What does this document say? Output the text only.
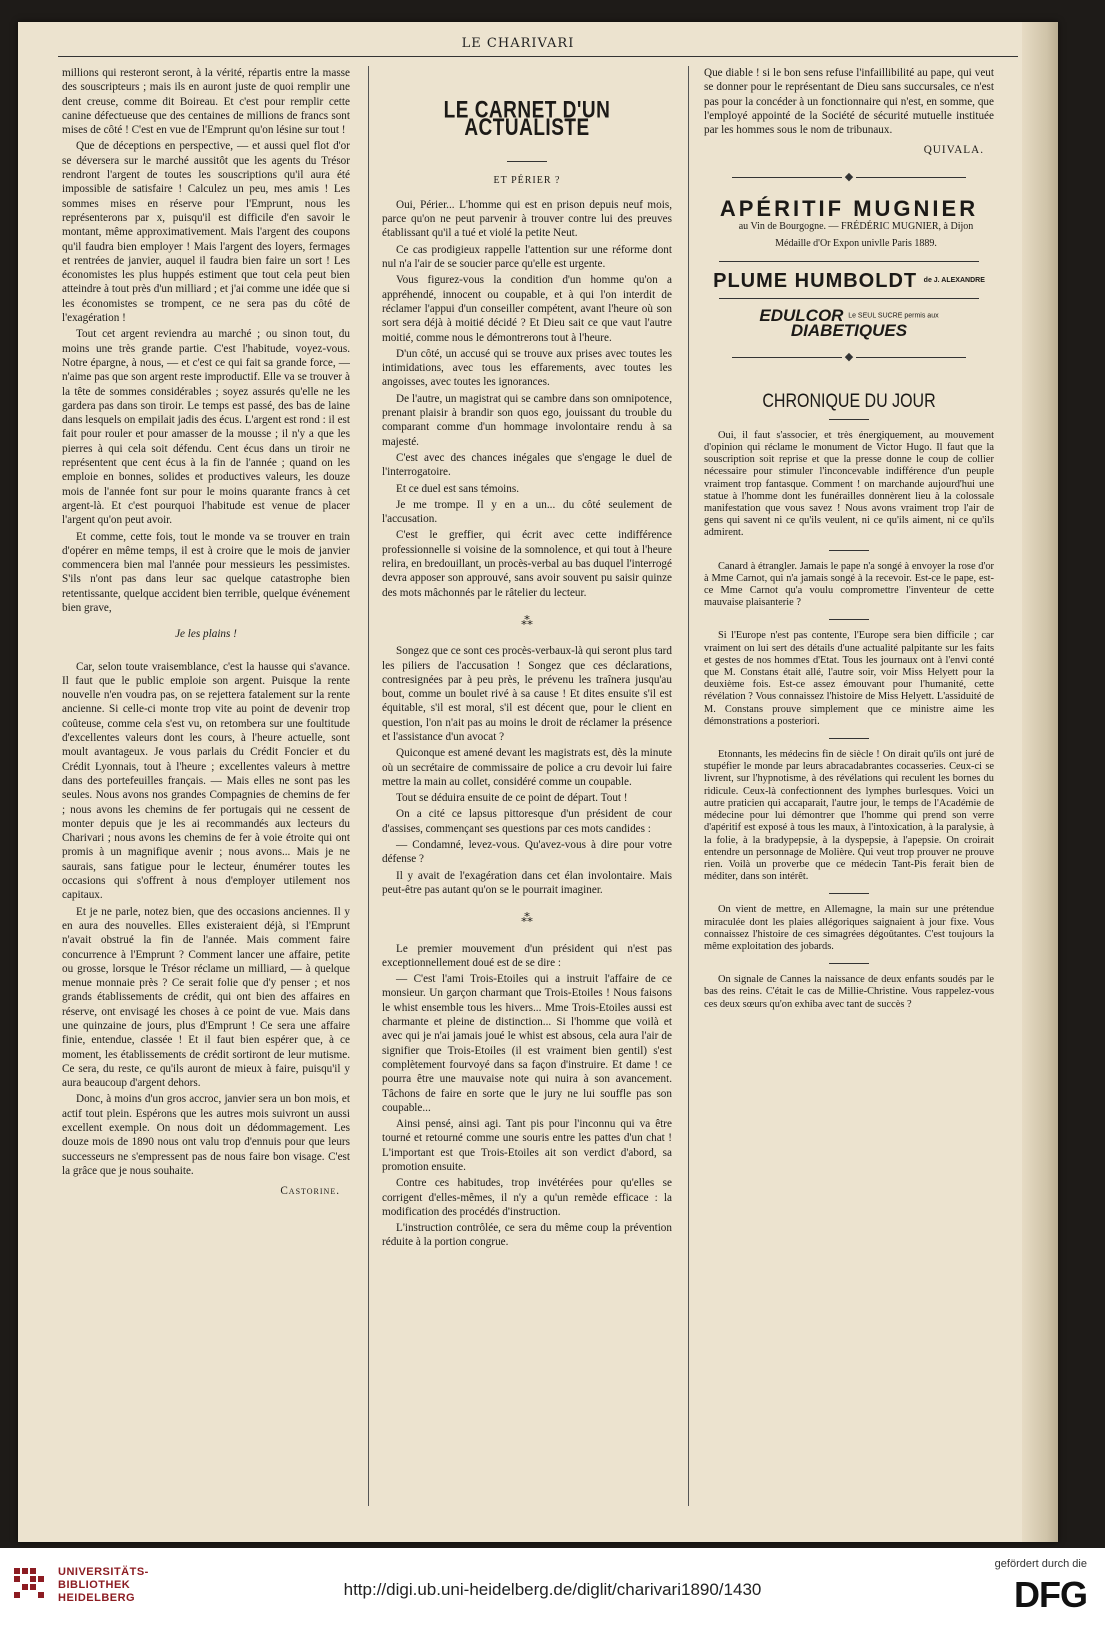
LE CHARIVARI

millions qui resteront seront, à la vérité, répartis entre la masse des souscripteurs ; mais ils en auront juste de quoi remplir une dent creuse, comme dit Boireau. Et c'est pour remplir cette canine défectueuse que des centaines de millions de francs sont mises de côté ! C'est en vue de l'Emprunt qu'on lésine sur tout !

Que de déceptions en perspective, — et aussi quel flot d'or se déversera sur le marché aussitôt que les agents du Trésor rendront l'argent de toutes les souscriptions qu'il aura été impossible de satisfaire ! Calculez un peu, mes amis ! Les sommes mises en réserve pour l'Emprunt, nous les représenterons par x, puisqu'il est difficile d'en savoir le montant, même approximativement. Mais l'argent des coupons qu'il faudra bien employer ! Mais l'argent des loyers, fermages et rentrées de janvier, auquel il faudra bien faire un sort ! Les économistes les plus huppés estiment que tout cela peut bien atteindre à tout près d'un milliard ; et j'ai comme une idée que si les économistes se trompent, ce ne sera pas du côté de l'exagération !

Tout cet argent reviendra au marché ; ou sinon tout, du moins une très grande partie. C'est l'habitude, voyez-vous. Notre épargne, à nous, — et c'est ce qui fait sa grande force, — n'aime pas que son argent reste improductif. Elle va se trouver à la tête de sommes considérables ; soyez assurés qu'elle ne les gardera pas dans son tiroir. Le temps est passé, des bas de laine dans lesquels on empilait jadis des écus. L'argent est rond : il est fait pour rouler et pour amasser de la mousse ; il n'y a que les pierres à qui cela soit défendu. Cent écus dans un tiroir ne représentent que cent écus à la fin de l'année ; quand on les emploie en bonnes, solides et productives valeurs, les douze mois de l'année font sur pour le moins quarante francs à cet argent-là. Et c'est pourquoi l'habitude est venue de placer l'argent qu'on peut avoir.

Et comme, cette fois, tout le monde va se trouver en train d'opérer en même temps, il est à croire que le mois de janvier commencera bien mal l'année pour messieurs les pessimistes. S'ils n'ont pas dans leur sac quelque catastrophe bien retentissante, quelque accident bien terrible, quelque événement bien grave,

Je les plains !

Car, selon toute vraisemblance, c'est la hausse qui s'avance. Il faut que le public emploie son argent. Puisque la rente nouvelle n'en voudra pas, on se rejettera fatalement sur la rente ancienne. Si celle-ci monte trop vite au point de devenir trop coûteuse, comme cela s'est vu, on retombera sur une foultitude d'excellentes valeurs dont les cours, à l'heure actuelle, sont moult avantageux. Je vous parlais du Crédit Foncier et du Crédit Lyonnais, tout à l'heure ; excellentes valeurs à mettre dans des portefeuilles français. — Mais elles ne sont pas les seules. Nous avons nos grandes Compagnies de chemins de fer ; nous avons les chemins de fer portugais qui ne cessent de monter depuis que je les ai recommandés aux lecteurs du Charivari ; nous avons les chemins de fer à voie étroite qui ont promis à un magnifique avenir ; nous avons... Mais je ne saurais, sans fatigue pour le lecteur, énumérer toutes les occasions qui s'offrent à nous d'employer utilement nos capitaux.

Et je ne parle, notez bien, que des occasions anciennes. Il y en aura des nouvelles. Elles existeraient déjà, si l'Emprunt n'avait obstrué la fin de l'année. Mais comment faire concurrence à l'Emprunt ? Comment lancer une affaire, petite ou grosse, lorsque le Trésor réclame un milliard, — à quelque menue monnaie près ? Ce serait folie que d'y penser ; et nos grands établissements de crédit, qui ont bien des affaires en réserve, ont envisagé les choses à ce point de vue. Mais dans une quinzaine de jours, plus d'Emprunt ! Ce sera une affaire finie, entendue, classée ! Et il faut bien espérer que, à ce moment, les établissements de crédit sortiront de leur mutisme. Ce sera, du reste, ce qu'ils auront de mieux à faire, puisqu'il y aura beaucoup d'argent dehors.

Donc, à moins d'un gros accroc, janvier sera un bon mois, et actif tout plein. Espérons que les autres mois suivront un aussi excellent exemple. On nous doit un dédommagement. Les douze mois de 1890 nous ont valu trop d'ennuis pour que leurs successeurs ne s'empressent pas de nous faire bon visage. C'est la grâce que je nous souhaite.

Castorine.
LE CARNET D'UN ACTUALISTE
ET PÉRIER ?

Oui, Périer... L'homme qui est en prison depuis neuf mois, parce qu'on ne peut parvenir à trouver contre lui des preuves établissant qu'il a tué et violé la petite Neut.

Ce cas prodigieux rappelle l'attention sur une réforme dont nul n'a l'air de se soucier parce qu'elle est urgente.

Vous figurez-vous la condition d'un homme qu'on a appréhendé, innocent ou coupable, et à qui l'on interdit de réclamer l'appui d'un conseiller compétent, avant l'heure où son sort sera déjà à moitié décidé ? Et Dieu sait ce que vaut l'autre moitié, comme nous le démontrerons tout à l'heure.

D'un côté, un accusé qui se trouve aux prises avec toutes les intimidations, avec tous les effarements, avec toutes les angoisses, avec toutes les ignorances.

De l'autre, un magistrat qui se cambre dans son omnipotence, prenant plaisir à brandir son quos ego, jouissant du trouble du comparant comme d'un hommage involontaire rendu à sa majesté.

C'est avec des chances inégales que s'engage le duel de l'interrogatoire.

Et ce duel est sans témoins.

Je me trompe. Il y en a un... du côté seulement de l'accusation.

C'est le greffier, qui écrit avec cette indifférence professionnelle si voisine de la somnolence, et qui tout à l'heure relira, en bredouillant, un procès-verbal au bas duquel l'interrogé devra apposer son approuvé, sans avoir souvent pu saisir quinze des mots mâchonnés par le râtelier du lecteur.

⁂

Songez que ce sont ces procès-verbaux-là qui seront plus tard les piliers de l'accusation ! Songez que ces déclarations, contresignées par à peu près, le prévenu les traînera jusqu'au bout, comme un boulet rivé à sa cause ! Et dites ensuite s'il est équitable, s'il est moral, s'il est décent que, pour le client en question, l'on n'ait pas au moins le droit de réclamer la présence et l'assistance d'un avocat ?

Quiconque est amené devant les magistrats est, dès la minute où un secrétaire de commissaire de police a cru devoir lui faire mettre la main au collet, considéré comme un coupable.

Tout se déduira ensuite de ce point de départ. Tout !

On a cité ce lapsus pittoresque d'un président de cour d'assises, commençant ses questions par ces mots candides :

— Condamné, levez-vous. Qu'avez-vous à dire pour votre défense ?

Il y avait de l'exagération dans cet élan involontaire. Mais peut-être pas autant qu'on se le pourrait imaginer.

⁂

Le premier mouvement d'un président qui n'est pas exceptionnellement doué est de se dire :

— C'est l'ami Trois-Etoiles qui a instruit l'affaire de ce monsieur. Un garçon charmant que Trois-Etoiles ! Nous faisons le whist ensemble tous les hivers... Mme Trois-Etoiles aussi est charmante et pleine de distinction... Si l'homme que voilà et avec qui je n'ai jamais joué le whist est absous, cela aura l'air de signifier que Trois-Etoiles (il est vraiment bien gentil) s'est complètement fourvoyé dans sa façon d'instruire. Et dame ! ce pourra être une mauvaise note qui nuira à son avancement. Tâchons de faire en sorte que le jury ne lui souffle pas son coupable...

Ainsi pensé, ainsi agi. Tant pis pour l'inconnu qui va être tourné et retourné comme une souris entre les pattes d'un chat ! L'important est que Trois-Etoiles ait son verdict d'abord, sa promotion ensuite.

Contre ces habitudes, trop invétérées pour qu'elles se corrigent d'elles-mêmes, il n'y a qu'un remède efficace : la modification des procédés d'instruction.

L'instruction contrôlée, ce sera du même coup la prévention réduite à la portion congrue.

Que diable ! si le bon sens refuse l'infaillibilité au pape, qui veut se donner pour le représentant de Dieu sans succursales, ce n'est pas pour la concéder à un fonctionnaire qui n'est, en somme, que l'employé appointé de la Société de sécurité mutuelle instituée par les hommes sous le nom de tribunaux.

QUIVALA.
◆
APÉRITIF MUGNIER

au Vin de Bourgogne. — FRÉDÉRIC MUGNIER, à Dijon

Médaille d'Or Expon univlle Paris 1889.

PLUME HUMBOLDT $^{de J. ALEXANDRE}$
EDULCOR Le SEUL SUCRE permis aux DIABETIQUES
◆
CHRONIQUE DU JOUR

Oui, il faut s'associer, et très énergiquement, au mouvement d'opinion qui réclame le monument de Victor Hugo. Il faut que la souscription soit reprise et que la presse donne le coup de collier nécessaire pour stimuler l'inconcevable indifférence d'un peuple vraiment trop fantasque. Comment ! on marchande aujourd'hui une statue à l'homme dont les funérailles donnèrent lieu à la colossale manifestation que vous savez ! Nous avons vraiment trop l'air de gens qui savent ni ce qu'ils veulent, ni ce qu'ils aiment, ni ce qu'ils admirent.

Canard à étrangler. Jamais le pape n'a songé à envoyer la rose d'or à Mme Carnot, qui n'a jamais songé à la recevoir. Est-ce le pape, est-ce Mme Carnot qu'a voulu compromettre l'inventeur de cette mauvaise plaisanterie ?

Si l'Europe n'est pas contente, l'Europe sera bien difficile ; car vraiment on lui sert des détails d'une actualité palpitante sur les faits et gestes de nos hommes d'Etat. Tous les journaux ont à l'envi conté que M. Constans était allé, l'autre soir, voir Miss Helyett pour la deuxième fois. Est-ce assez émouvant pour l'humanité, cette révélation ? Vous connaissez l'histoire de Miss Helyett. L'assiduité de M. Constans prouve simplement que ce ministre aime les démonstrations a posteriori.

Etonnants, les médecins fin de siècle ! On dirait qu'ils ont juré de stupéfier le monde par leurs abracadabrantes cocasseries. Ceux-ci se livrent, sur l'hypnotisme, à des révélations qui reculent les bornes du ridicule. Ceux-là confectionnent des lymphes burlesques. Voici un autre praticien qui accaparait, l'autre jour, le temps de l'Académie de médecine pour lui démontrer que l'homme qui prend son verre d'apéritif est exposé à tous les maux, à l'intoxication, à la paralysie, à la folie, à la bradypepsie, à la dyspepsie, à l'apepsie. On croirait entendre un personnage de Molière. Qui veut trop prouver ne prouve rien. Voilà un proverbe que ce médecin Tant-Pis ferait bien de méditer, dans son intérêt.

On vient de mettre, en Allemagne, la main sur une prétendue miraculée dont les plaies allégoriques saignaient à jour fixe. Vous connaissez l'histoire de ces simagrées dégoûtantes. C'est toujours la même exploitation des jobards.

On signale de Cannes la naissance de deux enfants soudés par le bas des reins. C'était le cas de Millie-Christine. Vous rappelez-vous ces deux sœurs qu'on exhiba avec tant de succès ?

UNIVERSITÄTS-
BIBLIOTHEK
HEIDELBERG	http://digi.ub.uni-heidelberg.de/diglit/charivari1890/1430
gefördert durch die
DFG
